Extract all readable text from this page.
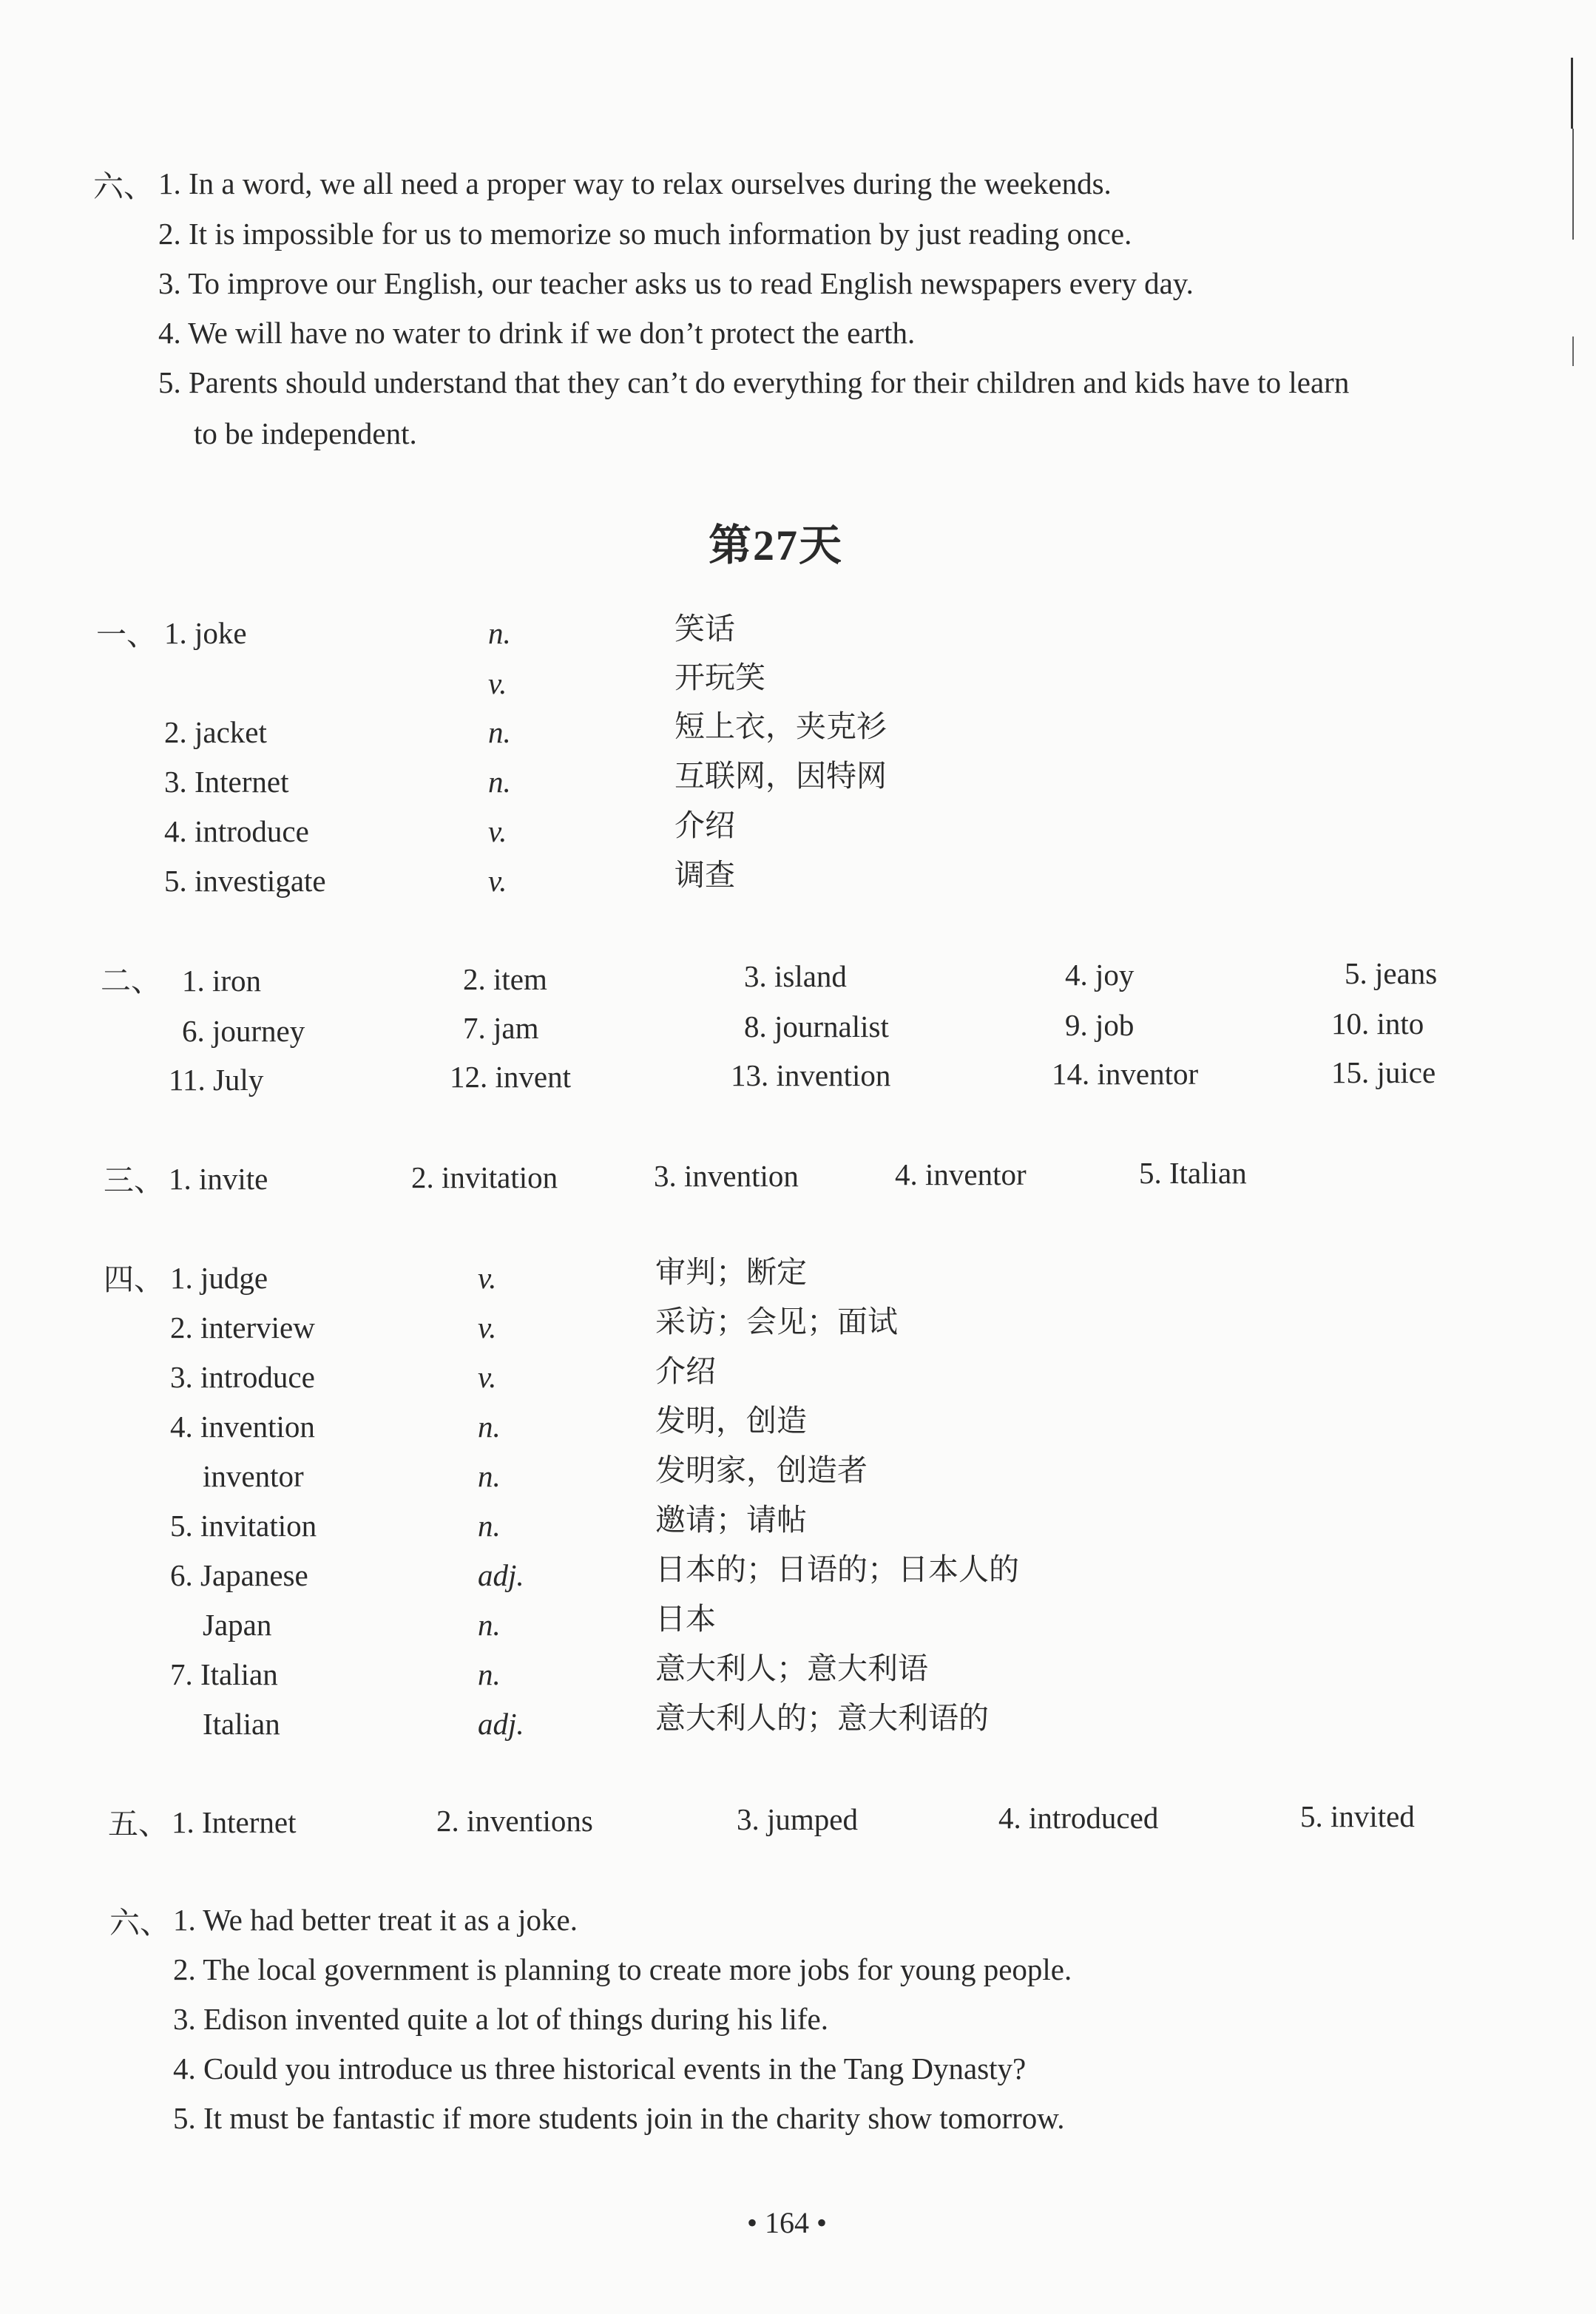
六、 1. In a word, we all need a proper way to relax ourselves during the weekends.
2. It is impossible for us to memorize so much information by just reading once.
3. To improve our English, our teacher asks us to read English newspapers every day.
4. We will have no water to drink if we don’t protect the earth.
5. Parents should understand that they can’t do everything for their children and kids have to learn
to be independent.
第27天
一、 1. joke	n.	笑话
v.	开玩笑
2. jacket	n.	短上衣，夹克衫
3. Internet	n.	互联网，因特网
4. introduce	v.	介绍
5. investigate	v.	调查
二、 1. iron	2. item	3. island	4. joy	5. jeans
6. journey	7. jam	8. journalist	9. job	10. into
11. July	12. invent	13. invention	14. inventor	15. juice
三、 1. invite	2. invitation	3. invention	4. inventor	5. Italian
四、 1. judge	v.	审判；断定
2. interview	v.	采访；会见；面试
3. introduce	v.	介绍
4. invention	n.	发明，创造
inventor	n.	发明家，创造者
5. invitation	n.	邀请；请帖
6. Japanese	adj.	日本的；日语的；日本人的
Japan	n.	日本
7. Italian	n.	意大利人；意大利语
Italian	adj.	意大利人的；意大利语的
五、 1. Internet	2. inventions	3. jumped	4. introduced	5. invited
六、 1. We had better treat it as a joke.
2. The local government is planning to create more jobs for young people.
3. Edison invented quite a lot of things during his life.
4. Could you introduce us three historical events in the Tang Dynasty?
5. It must be fantastic if more students join in the charity show tomorrow.
• 164 •
